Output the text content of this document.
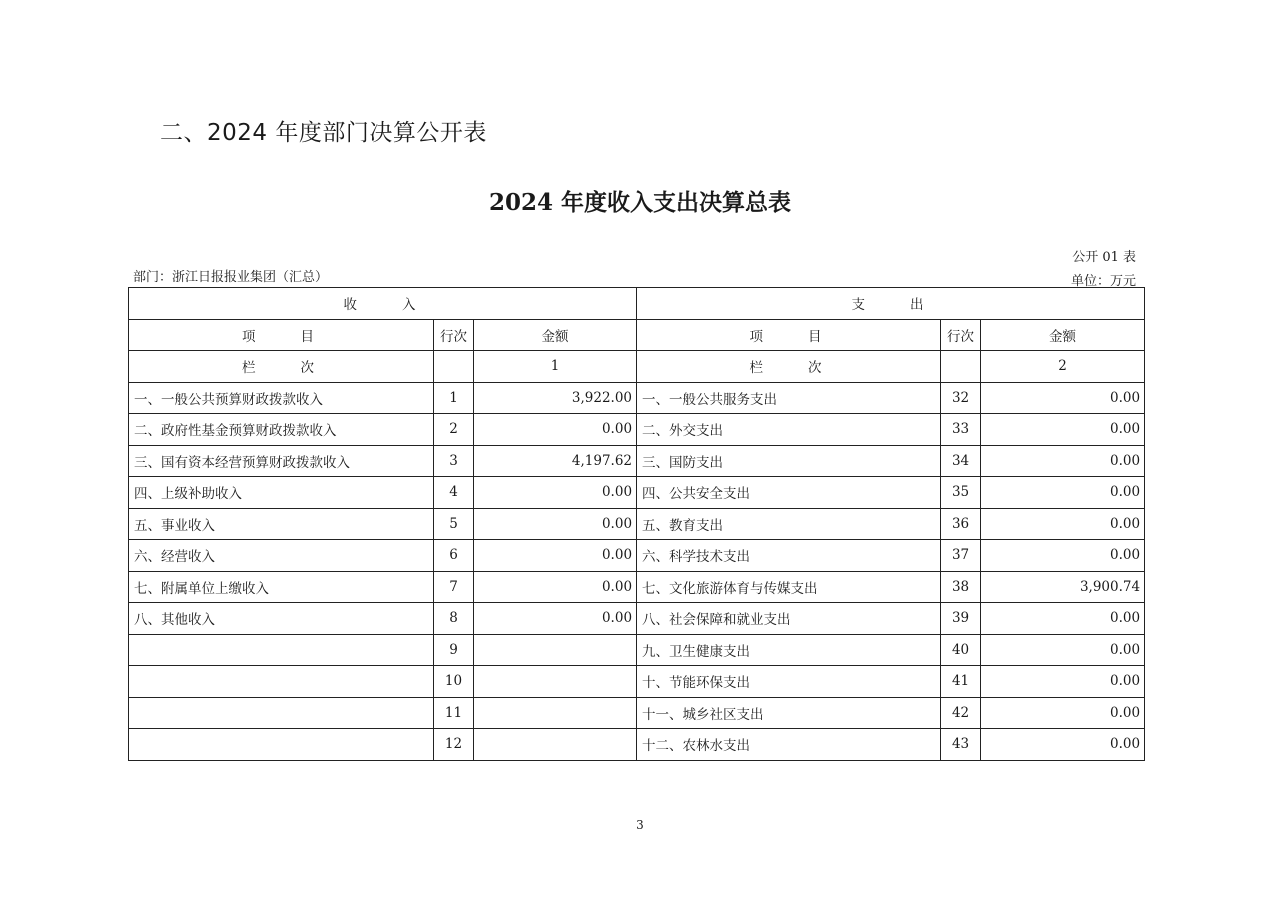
二、2024 年度部门决算公开表
2024 年度收入支出决算总表
公开 01 表
部门：浙江日报报业集团（汇总）	单位：万元
收　　入			支　　出		
项　　目	行次	金额	项　　目	行次	金额
栏　　次		1	栏　　次		2
一、一般公共预算财政拨款收入	1	3,922.00	一、一般公共服务支出	32	0.00
二、政府性基金预算财政拨款收入	2	0.00	二、外交支出	33	0.00
三、国有资本经营预算财政拨款收入	3	4,197.62	三、国防支出	34	0.00
四、上级补助收入	4	0.00	四、公共安全支出	35	0.00
五、事业收入	5	0.00	五、教育支出	36	0.00
六、经营收入	6	0.00	六、科学技术支出	37	0.00
七、附属单位上缴收入	7	0.00	七、文化旅游体育与传媒支出	38	3,900.74
八、其他收入	8	0.00	八、社会保障和就业支出	39	0.00
	9		九、卫生健康支出	40	0.00
	10		十、节能环保支出	41	0.00
	11		十一、城乡社区支出	42	0.00
	12		十二、农林水支出	43	0.00
3
